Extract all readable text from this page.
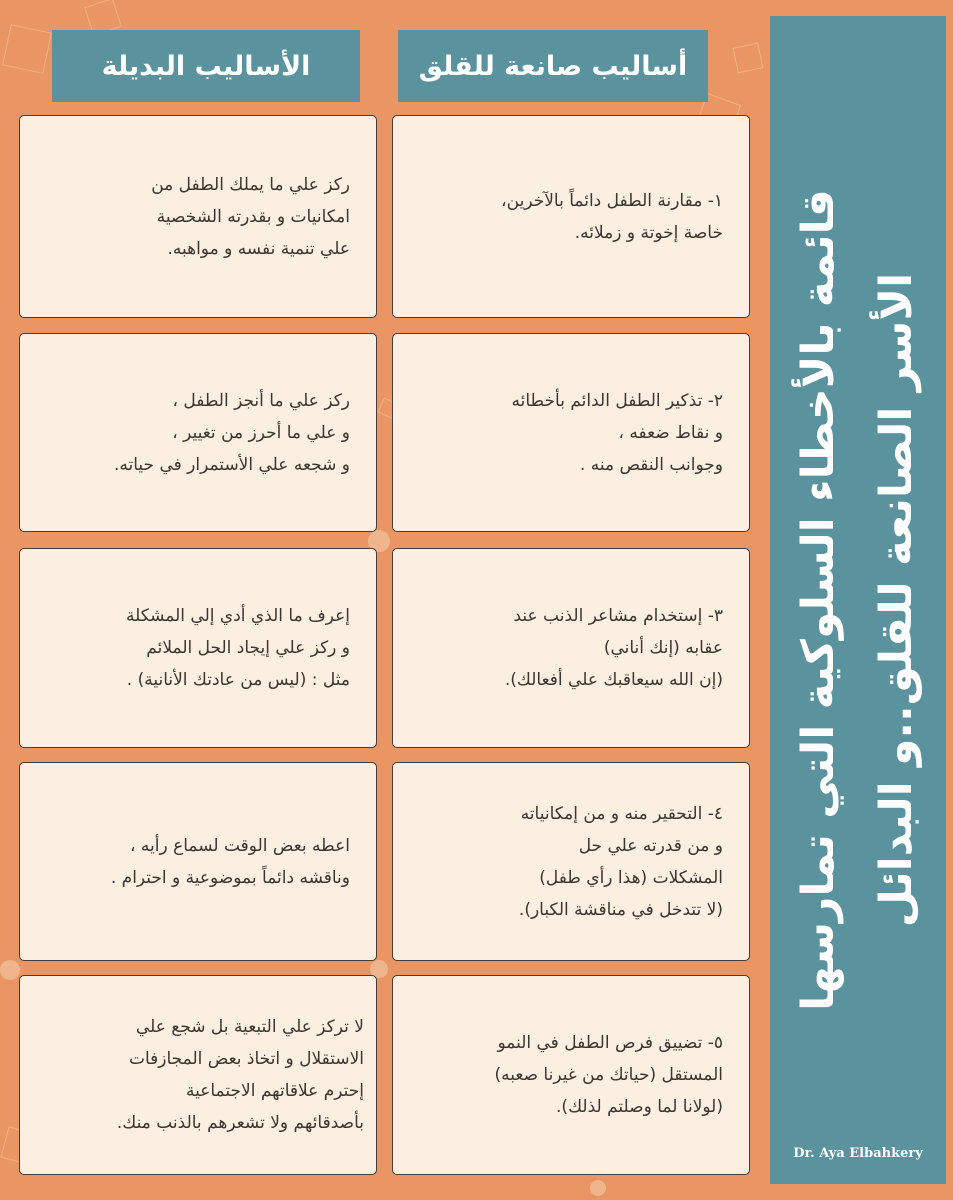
قائمة بالأخطاء السلوكية التي تمارسها الأسر الصانعة للقلق..و البدائل
Dr. Aya Elbahkery
أساليب صانعة للقلق
الأساليب البديلة
١- مقارنة الطفل دائماً بالآخرين،
خاصة إخوتة و زملائه.
ركز علي ما يملك الطفل من
امكانيات و بقدرته الشخصية
علي تنمية نفسه و مواهبه.
٢- تذكير الطفل الدائم بأخطائه
و نقاط ضعفه ،
وجوانب النقص منه .
ركز علي ما أنجز الطفل ،
و علي ما أحرز من تغيير ،
و شجعه علي الأستمرار في حياته.
٣- إستخدام مشاعر الذنب عند
عقابه (إنك أناني)
(إن الله سيعاقبك علي أفعالك).
إعرف ما الذي أدي إلي المشكلة
و ركز علي إيجاد الحل الملائم
مثل : (ليس من عادتك الأنانية) .
٤- التحقير منه و من إمكانياته
و من قدرته علي حل
المشكلات (هذا رأي طفل)
(لا تتدخل في مناقشة الكبار).
اعطه بعض الوقت لسماع رأيه ،
وناقشه دائماً بموضوعية و احترام .
٥- تضييق فرص الطفل في النمو
المستقل (حياتك من غيرنا صعبه)
(لولانا لما وصلتم لذلك).
لا تركز علي التبعية بل شجع علي
الاستقلال و اتخاذ بعض المجازفات
إحترم علاقاتهم الاجتماعية
بأصدقائهم ولا تشعرهم بالذنب منك.
